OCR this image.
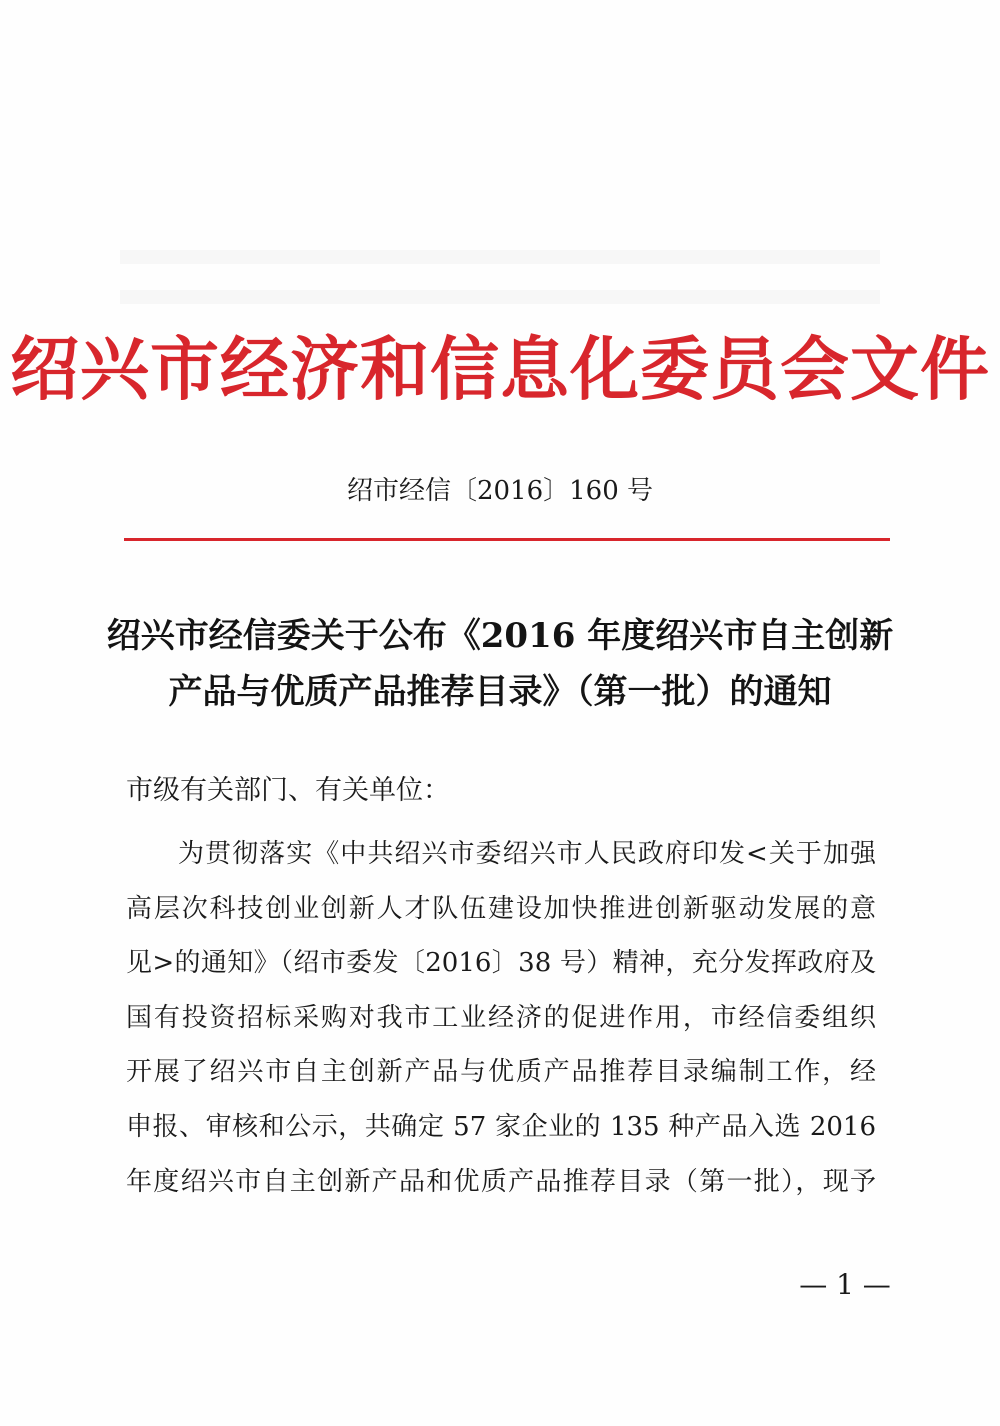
绍兴市经济和信息化委员会文件
绍市经信〔2016〕160 号
绍兴市经信委关于公布《2016 年度绍兴市自主创新
产品与优质产品推荐目录》（第一批）的通知
市级有关部门、有关单位：
为贯彻落实《中共绍兴市委绍兴市人民政府印发<关于加强
高层次科技创业创新人才队伍建设加快推进创新驱动发展的意
见>的通知》（绍市委发〔2016〕38 号）精神，充分发挥政府及
国有投资招标采购对我市工业经济的促进作用，市经信委组织
开展了绍兴市自主创新产品与优质产品推荐目录编制工作，经
申报、审核和公示，共确定 57 家企业的 135 种产品入选 2016
年度绍兴市自主创新产品和优质产品推荐目录（第一批），现予
— 1 —
